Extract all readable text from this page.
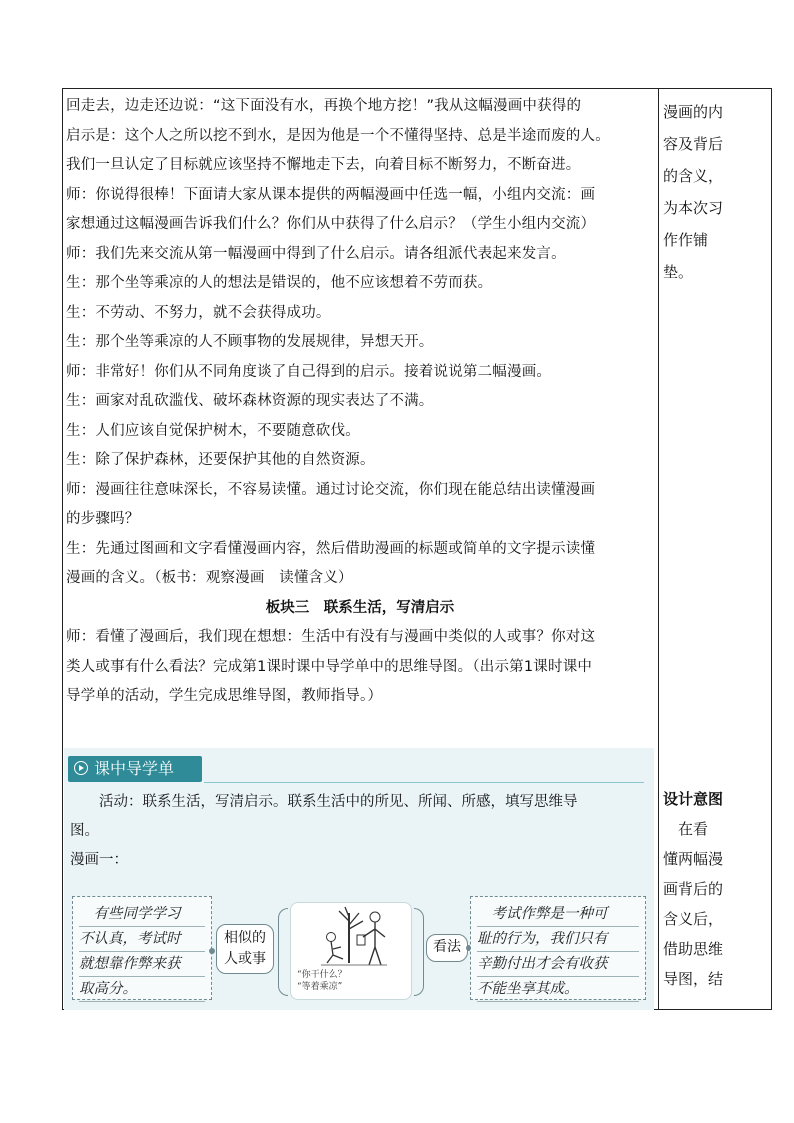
回走去，边走还边说：“这下面没有水，再换个地方挖！”我从这幅漫画中获得的

启示是：这个人之所以挖不到水，是因为他是一个不懂得坚持、总是半途而废的人。

我们一旦认定了目标就应该坚持不懈地走下去，向着目标不断努力，不断奋进。

师：你说得很棒！下面请大家从课本提供的两幅漫画中任选一幅，小组内交流：画

家想通过这幅漫画告诉我们什么？你们从中获得了什么启示？（学生小组内交流）

师：我们先来交流从第一幅漫画中得到了什么启示。请各组派代表起来发言。

生：那个坐等乘凉的人的想法是错误的，他不应该想着不劳而获。

生：不劳动、不努力，就不会获得成功。

生：那个坐等乘凉的人不顾事物的发展规律，异想天开。

师：非常好！你们从不同角度谈了自己得到的启示。接着说说第二幅漫画。

生：画家对乱砍滥伐、破坏森林资源的现实表达了不满。

生：人们应该自觉保护树木，不要随意砍伐。

生：除了保护森林，还要保护其他的自然资源。

师：漫画往往意味深长，不容易读懂。通过讨论交流，你们现在能总结出读懂漫画

的步骤吗？

生：先通过图画和文字看懂漫画内容，然后借助漫画的标题或简单的文字提示读懂

漫画的含义。（板书：观察漫画　读懂含义）

板块三　联系生活，写清启示

师：看懂了漫画后，我们现在想想：生活中有没有与漫画中类似的人或事？你对这

类人或事有什么看法？完成第1课时课中导学单中的思维导图。（出示第1课时课中

导学单的活动，学生完成思维导图，教师指导。）

漫画的内
容及背后
的含义，
为本次习
作作铺
垫。
设计意图
　在看
懂两幅漫
画背后的
含义后，
借助思维
导图，结
课中导学单
　　活动：联系生活，写清启示。联系生活中的所见、所闻、所感，填写思维导
图。
漫画一：
　有些同学学习
不认真，考试时
就想靠作弊来获
取高分。
相似的
人或事
“你干什么？
“等着乘凉”
看法
　考试作弊是一种可
耻的行为，我们只有
辛勤付出才会有收获
不能坐享其成。
